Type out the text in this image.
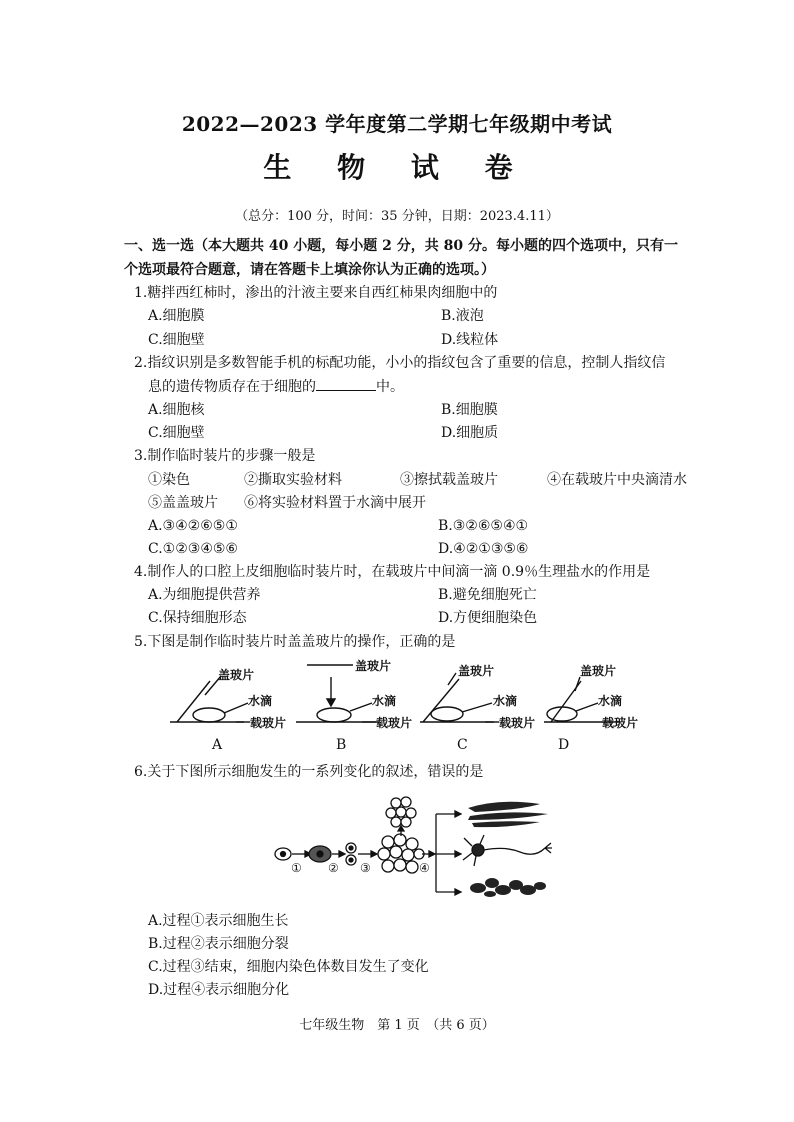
2022—2023 学年度第二学期七年级期中考试
生 物 试 卷
（总分：100 分，时间：35 分钟，日期：2023.4.11）
一、选一选（本大题共 40 小题，每小题 2 分，共 80 分。每小题的四个选项中，只有一
个选项最符合题意，请在答题卡上填涂你认为正确的选项。）
1.糖拌西红柿时，渗出的汁液主要来自西红柿果肉细胞中的
A.细胞膜	B.液泡
C.细胞壁	D.线粒体
2.指纹识别是多数智能手机的标配功能，小小的指纹包含了重要的信息，控制人指纹信
息的遗传物质存在于细胞的	中。
A.细胞核	B.细胞膜
C.细胞壁	D.细胞质
3.制作临时装片的步骤一般是
①染色	②撕取实验材料	③擦拭载盖玻片	④在载玻片中央滴清水
⑤盖盖玻片 ⑥将实验材料置于水滴中展开
A.③④②⑥⑤①	B.③②⑥⑤④①
C.①②③④⑤⑥	D.④②①③⑤⑥
4.制作人的口腔上皮细胞临时装片时，在载玻片中间滴一滴 0.9％生理盐水的作用是
A.为细胞提供营养	B.避免细胞死亡
C.保持细胞形态	D.方便细胞染色
5.下图是制作临时装片时盖盖玻片的操作，正确的是
盖玻片
水滴
载玻片
盖玻片
水滴
载玻片
盖玻片
水滴
载玻片
盖玻片
水滴
载玻片
A	B	C	D
6.关于下图所示细胞发生的一系列变化的叙述，错误的是
① ② ③	④
A.过程①表示细胞生长
B.过程②表示细胞分裂
C.过程③结束，细胞内染色体数目发生了变化
D.过程④表示细胞分化
七年级生物　第 1 页　（共 6 页）
